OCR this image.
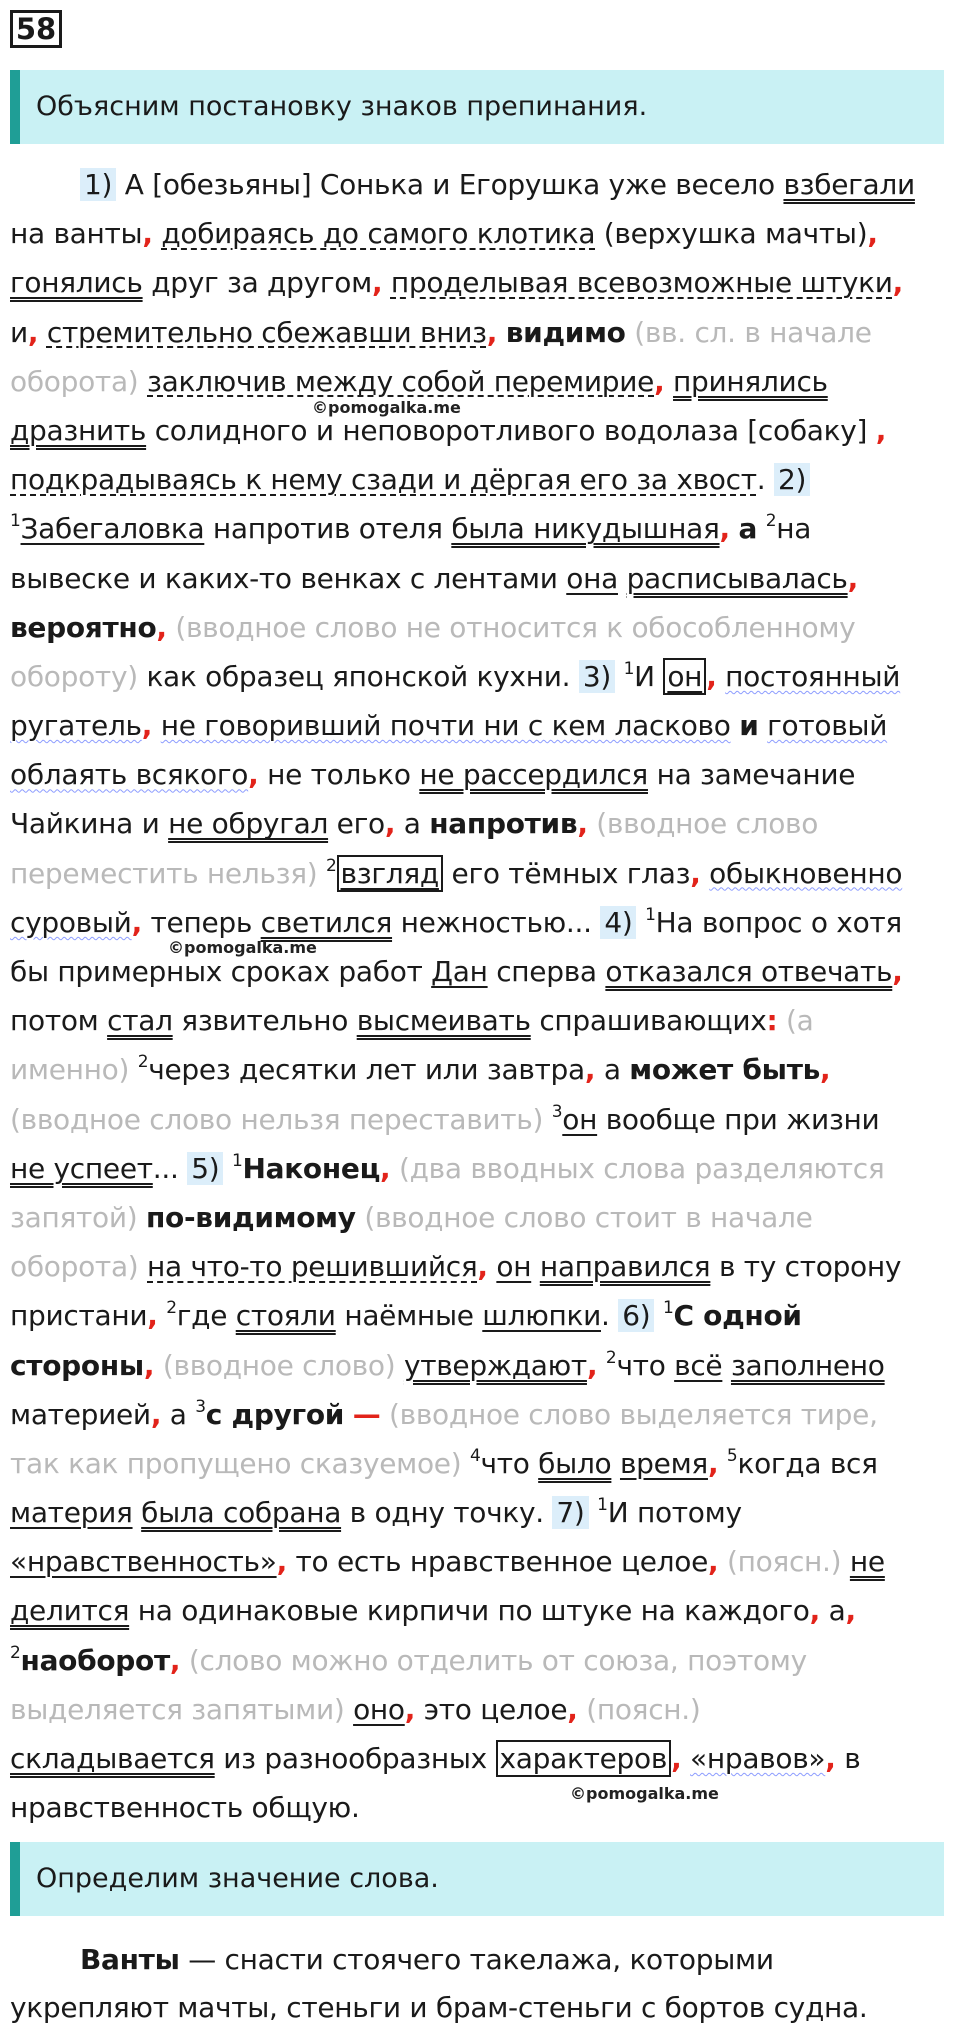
58
Объясним постановку знаков препинания.
1) А [обезьяны] Сонька и Егорушка уже весело взбегали
на ванты, добираясь до самого клотика (верхушка мачты),
гонялись друг за другом, проделывая всевозможные штуки,
и, стремительно сбежавши вниз, видимо (вв. сл. в начале
оборота) заключив между собой перемирие, принялись
дразнить солидного и неповоротливого водолаза [собаку] ,
подкрадываясь к нему сзади и дёргая его за хвост. 2)
$^1$Забегаловка напротив отеля была никудышная, а $^2$на
вывеске и каких-то венках с лентами она расписывалась,
вероятно, (вводное слово не относится к обособленному
обороту) как образец японской кухни. 3) $^1$И он , постоянный
ругатель, не говоривший почти ни с кем ласково и готовый
облаять всякого, не только не рассердился на замечание
Чайкина и не обругал его, а напротив, (вводное слово
переместить нельзя) $^2$ взгляд его тёмных глаз, обыкновенно
суровый, теперь светился нежностью... 4) $^1$На вопрос о хотя
бы примерных сроках работ Дан сперва отказался отвечать,
потом стал язвительно высмеивать спрашивающих: (а
именно) $^2$через десятки лет или завтра, а может быть,
(вводное слово нельзя переставить) $^3$он вообще при жизни
не успеет... 5) $^1$Наконец, (два вводных слова разделяются
запятой) по-видимому (вводное слово стоит в начале
оборота) на что-то решившийся, он направился в ту сторону
пристани, $^2$где стояли наёмные шлюпки. 6) $^1$С одной
стороны, (вводное слово) утверждают, $^2$что всё заполнено
материей, а $^3$с другой — (вводное слово выделяется тире,
так как пропущено сказуемое) $^4$что было время, $^5$когда вся
материя была собрана в одну точку. 7) $^1$И потому
«нравственность», то есть нравственное целое, (поясн.) не
делится на одинаковые кирпичи по штуке на каждого, а,
$^2$наоборот, (слово можно отделить от союза, поэтому
выделяется запятыми) оно, это целое, (поясн.)
складывается из разнообразных характеров , «нравов», в
нравственность общую.
©pomogalka.me
©pomogalka.me
©pomogalka.me
Определим значение слова.
Ванты — снасти стоячего такелажа, которыми
укрепляют мачты, стеньги и брам-стеньги с бортов судна.
